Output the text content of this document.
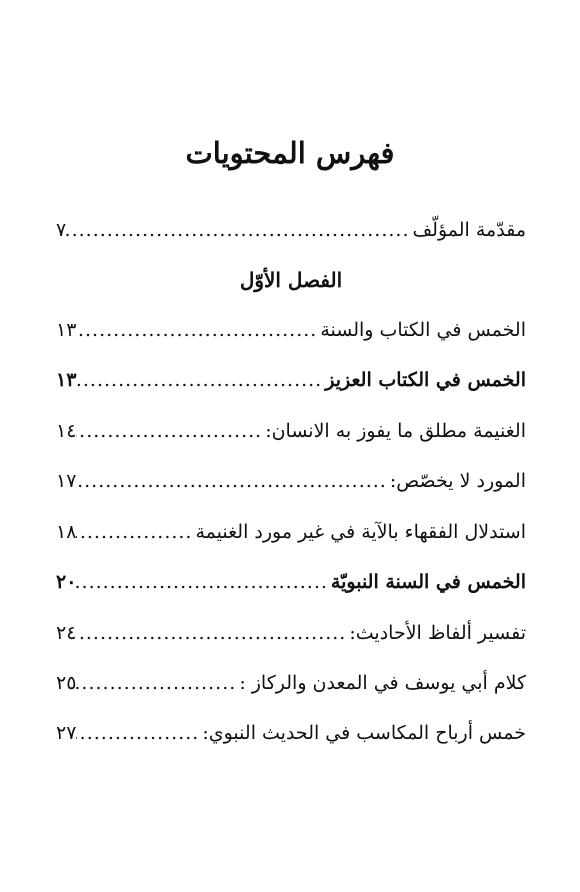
فهرس المحتويات
مقدّمة المؤلّف
.....
٧
الفصل الأوّل
الخمس في الكتاب والسنة
.....
١٣
الخمس في الكتاب العزيز
.....
١٣
الغنيمة مطلق ما يفوز به الانسان:
.....
١٤
المورد لا يخصّص:
.....
١٧
استدلال الفقهاء بالآية في غير مورد الغنيمة
.....
١٨
الخمس في السنة النبويّة
.....
٢٠
تفسير ألفاظ الأحاديث:
.....
٢٤
كلام أبي يوسف في المعدن والركاز :
.....
٢٥
خمس أرباح المكاسب في الحديث النبوي:
.....
٢٧
